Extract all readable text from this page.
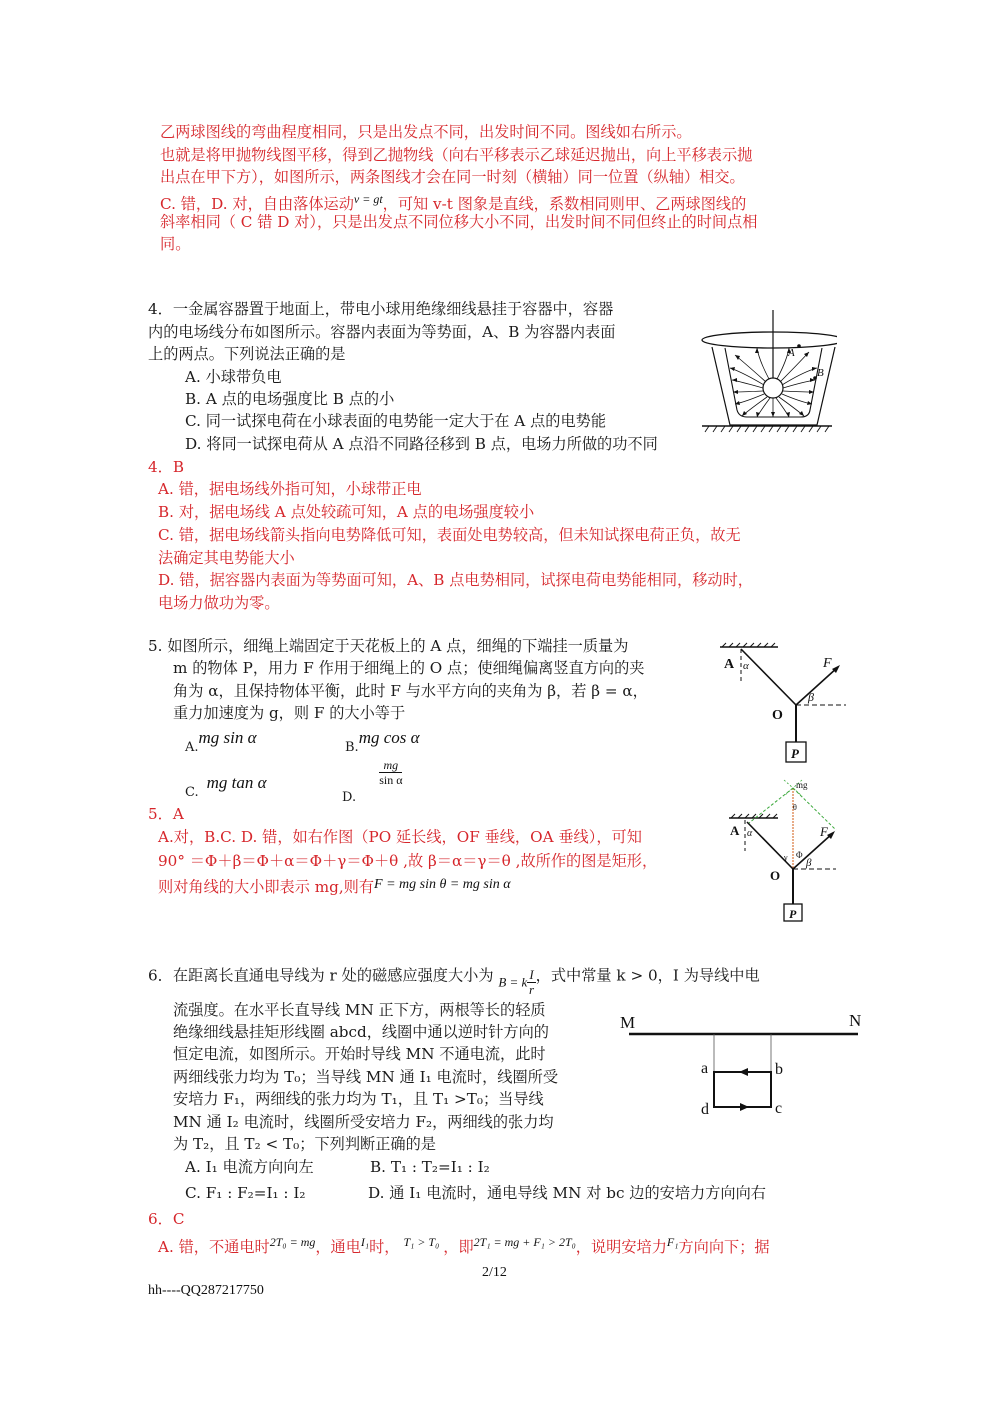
乙两球图线的弯曲程度相同，只是出发点不同，出发时间不同。图线如右所示。
也就是将甲抛物线图平移，得到乙抛物线（向右平移表示乙球延迟抛出，向上平移表示抛
出点在甲下方），如图所示，两条图线才会在同一时刻（横轴）同一位置（纵轴）相交。
C. 错，D. 对，自由落体运动$^{v = gt}$，可知 v-t 图象是直线，系数相同则甲、乙两球图线的
斜率相同（ C 错 D 对），只是出发点不同位移大小不同，出发时间不同但终止的时间点相
同。
4．一金属容器置于地面上，带电小球用绝缘细线悬挂于容器中，容器
内的电场线分布如图所示。容器内表面为等势面，A、B 为容器内表面
上的两点。下列说法正确的是
A. 小球带负电
B. A 点的电场强度比 B 点的小
C. 同一试探电荷在小球表面的电势能一定大于在 A 点的电势能
D. 将同一试探电荷从 A 点沿不同路径移到 B 点，电场力所做的功不同
A
B
4．B
A. 错，据电场线外指可知，小球带正电
B. 对，据电场线 A 点处较疏可知，A 点的电场强度较小
C. 错，据电场线箭头指向电势降低可知，表面处电势较高，但未知试探电荷正负，故无
法确定其电势能大小
D. 错，据容器内表面为等势面可知，A、B 点电势相同，试探电荷电势能相同，移动时，
电场力做功为零。
5. 如图所示，细绳上端固定于天花板上的 A 点，细绳的下端挂一质量为
m 的物体 P，用力 F 作用于细绳上的 O 点；使细绳偏离竖直方向的夹
角为 α，且保持物体平衡，此时 F 与水平方向的夹角为 β，若 β = α，
重力加速度为 g，则 F 的大小等于
$_{A.}$mg sin α
$_{B.}$mg cos α
$_{C.}$mg tan α
$_{D.}$
$\frac{mg}{\text{sin α}}$
P
A α	F
β
O
5．A
A.对，B.C. D. 错，如右作图（PO 延长线，OF 垂线，OA 垂线），可知
90° ＝Φ＋β＝Φ＋α＝Φ＋γ＝Φ＋θ ,故 β＝α＝γ＝θ ,故所作的图是矩形，
则对角线的大小即表示 mg,则有F = mg sin θ = mg sin α
P
mg
θ
A α	F
γ Φ
β
O
6．在距离长直通电导线为 r 处的磁感应强度大小为 B = k $\frac{I}{r}$ ，式中常量 k > 0，I 为导线中电
流强度。在水平长直导线 MN 正下方，两根等长的轻质
绝缘细线悬挂矩形线圈 abcd，线圈中通以逆时针方向的
恒定电流，如图所示。开始时导线 MN 不通电流，此时
两细线张力均为 T₀；当导线 MN 通 I₁ 电流时，线圈所受
安培力 F₁，两细线的张力均为 T₁，且 T₁ >T₀；当导线
MN 通 I₂ 电流时，线圈所受安培力 F₂，两细线的张力均
为 T₂，且 T₂ < T₀；下列判断正确的是
A. I₁ 电流方向向左	B. T₁ : T₂=I₁ : I₂
C. F₁ : F₂=I₁ : I₂	D. 通 I₁ 电流时，通电导线 MN 对 bc 边的安培力方向向右
M	N
a	b
d	c
6．C
A. 错，不通电时$^{2T_0 = mg}$，通电$^{I_1}$时， $^{T_1 > T_0}$ ，即$^{2T_1 = mg + F_1 > 2T_0}$，说明安培力$^{F_1}$方向向下；据
2/12
hh----QQ287217750
